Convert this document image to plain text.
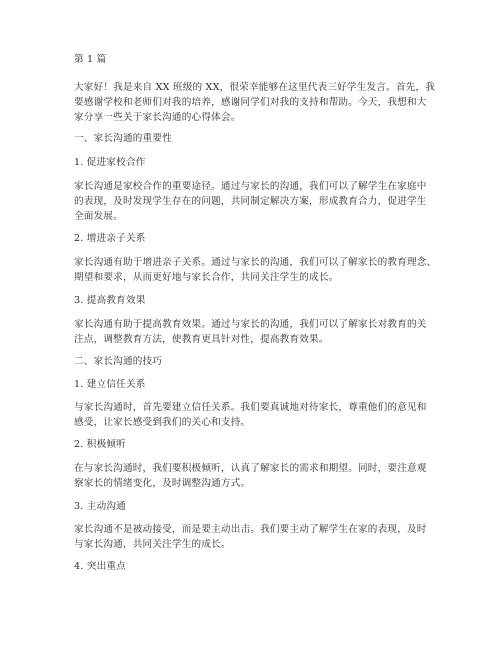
第 1 篇
大家好！我是来自 XX 班级的 XX，很荣幸能够在这里代表三好学生发言。首先，我
要感谢学校和老师们对我的培养，感谢同学们对我的支持和帮助。今天，我想和大
家分享一些关于家长沟通的心得体会。
一、家长沟通的重要性
1. 促进家校合作
家长沟通是家校合作的重要途径。通过与家长的沟通，我们可以了解学生在家庭中
的表现，及时发现学生存在的问题，共同制定解决方案，形成教育合力，促进学生
全面发展。
2. 增进亲子关系
家长沟通有助于增进亲子关系。通过与家长的沟通，我们可以了解家长的教育理念、
期望和要求，从而更好地与家长合作，共同关注学生的成长。
3. 提高教育效果
家长沟通有助于提高教育效果。通过与家长的沟通，我们可以了解家长对教育的关
注点，调整教育方法，使教育更具针对性，提高教育效果。
二、家长沟通的技巧
1. 建立信任关系
与家长沟通时，首先要建立信任关系。我们要真诚地对待家长，尊重他们的意见和
感受，让家长感受到我们的关心和支持。
2. 积极倾听
在与家长沟通时，我们要积极倾听，认真了解家长的需求和期望。同时，要注意观
察家长的情绪变化，及时调整沟通方式。
3. 主动沟通
家长沟通不是被动接受，而是要主动出击。我们要主动了解学生在家的表现，及时
与家长沟通，共同关注学生的成长。
4. 突出重点
